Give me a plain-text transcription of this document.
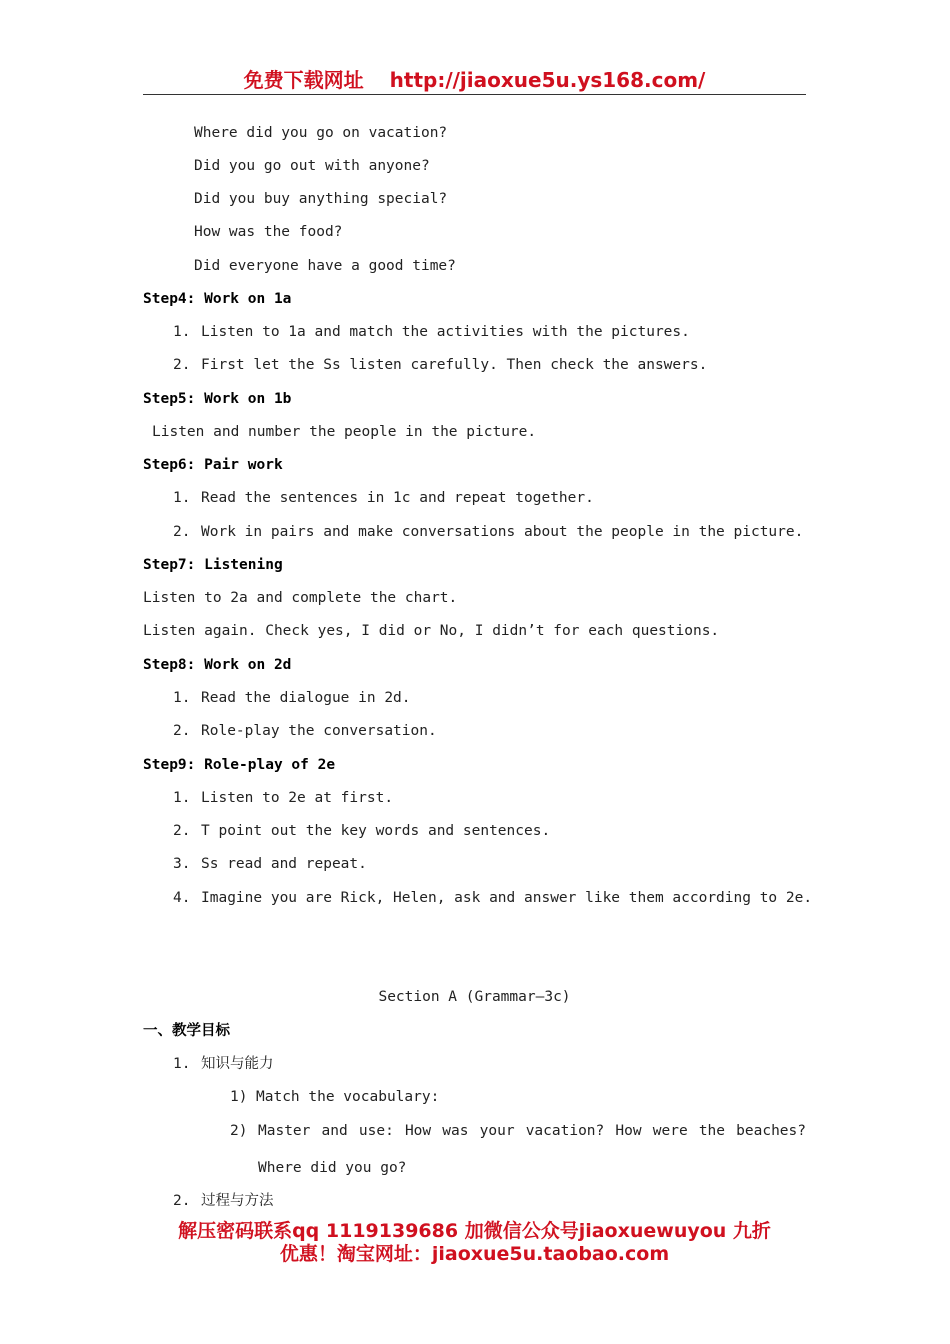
免费下载网址 http://jiaoxue5u.ys168.com/
Where did you go on vacation?
Did you go out with anyone?
Did you buy anything special?
How was the food?
Did everyone have a good time?
Step4: Work on 1a
1. Listen to 1a and match the activities with the pictures.
2. First let the Ss listen carefully. Then check the answers.
Step5: Work on 1b
Listen and number the people in the picture.
Step6: Pair work
1. Read the sentences in 1c and repeat together.
2. Work in pairs and make conversations about the people in the picture.
Step7: Listening
Listen to 2a and complete the chart.
Listen again. Check yes, I did or No, I didn’t for each questions.
Step8: Work on 2d
1. Read the dialogue in 2d.
2. Role-play the conversation.
Step9: Role-play of 2e
1. Listen to 2e at first.
2. T point out the key words and sentences.
3. Ss read and repeat.
4. Imagine you are Rick, Helen, ask and answer like them according to 2e.
Section A (Grammar—3c)
一、教学目标
1. 知识与能力
1) Match the vocabulary:
2) Master and use: How was your vacation? How were the beaches?
Where did you go?
2. 过程与方法
解压密码联系qq 1119139686 加微信公众号jiaoxuewuyou 九折
优惠！淘宝网址：jiaoxue5u.taobao.com
